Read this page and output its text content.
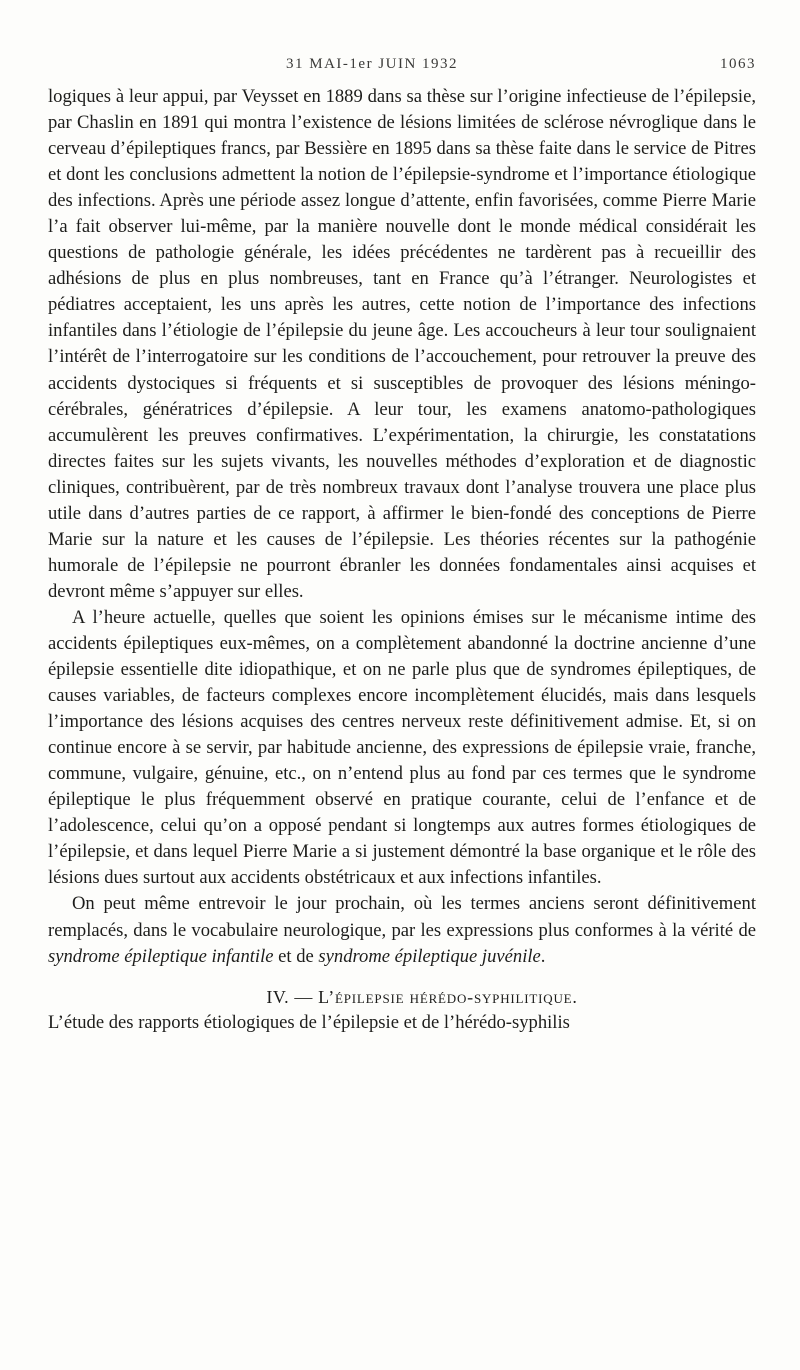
31 MAI-1er JUIN 1932	1063

logiques à leur appui, par Veysset en 1889 dans sa thèse sur l’origine infectieuse de l’épilepsie, par Chaslin en 1891 qui montra l’existence de lésions limitées de sclérose névroglique dans le cerveau d’épileptiques francs, par Bessière en 1895 dans sa thèse faite dans le service de Pitres et dont les conclusions admettent la notion de l’épilepsie-syndrome et l’importance étiologique des infections. Après une période assez longue d’attente, enfin favorisées, comme Pierre Marie l’a fait observer lui-même, par la manière nouvelle dont le monde médical considérait les questions de pathologie générale, les idées précédentes ne tardèrent pas à recueillir des adhésions de plus en plus nombreuses, tant en France qu’à l’étranger. Neurologistes et pédiatres acceptaient, les uns après les autres, cette notion de l’importance des infections infantiles dans l’étiologie de l’épilepsie du jeune âge. Les accoucheurs à leur tour soulignaient l’intérêt de l’interrogatoire sur les conditions de l’accouchement, pour retrouver la preuve des accidents dystociques si fréquents et si susceptibles de provoquer des lésions méningo-cérébrales, génératrices d’épilepsie. A leur tour, les examens anatomo-pathologiques accumulèrent les preuves confirmatives. L’expérimentation, la chirurgie, les constatations directes faites sur les sujets vivants, les nouvelles méthodes d’exploration et de diagnostic cliniques, contribuèrent, par de très nombreux travaux dont l’analyse trouvera une place plus utile dans d’autres parties de ce rapport, à affirmer le bien-fondé des conceptions de Pierre Marie sur la nature et les causes de l’épilepsie. Les théories récentes sur la pathogénie humorale de l’épilepsie ne pourront ébranler les données fondamentales ainsi acquises et devront même s’appuyer sur elles.

A l’heure actuelle, quelles que soient les opinions émises sur le mécanisme intime des accidents épileptiques eux-mêmes, on a complètement abandonné la doctrine ancienne d’une épilepsie essentielle dite idiopathique, et on ne parle plus que de syndromes épileptiques, de causes variables, de facteurs complexes encore incomplètement élucidés, mais dans lesquels l’importance des lésions acquises des centres nerveux reste définitivement admise. Et, si on continue encore à se servir, par habitude ancienne, des expressions de épilepsie vraie, franche, commune, vulgaire, génuine, etc., on n’entend plus au fond par ces termes que le syndrome épileptique le plus fréquemment observé en pratique courante, celui de l’enfance et de l’adolescence, celui qu’on a opposé pendant si longtemps aux autres formes étiologiques de l’épilepsie, et dans lequel Pierre Marie a si justement démontré la base organique et le rôle des lésions dues surtout aux accidents obstétricaux et aux infections infantiles.

On peut même entrevoir le jour prochain, où les termes anciens seront définitivement remplacés, dans le vocabulaire neurologique, par les expressions plus conformes à la vérité de syndrome épileptique infantile et de syndrome épileptique juvénile.

IV. — L’épilepsie hérédo-syphilitique.

L’étude des rapports étiologiques de l’épilepsie et de l’hérédo-syphilis
